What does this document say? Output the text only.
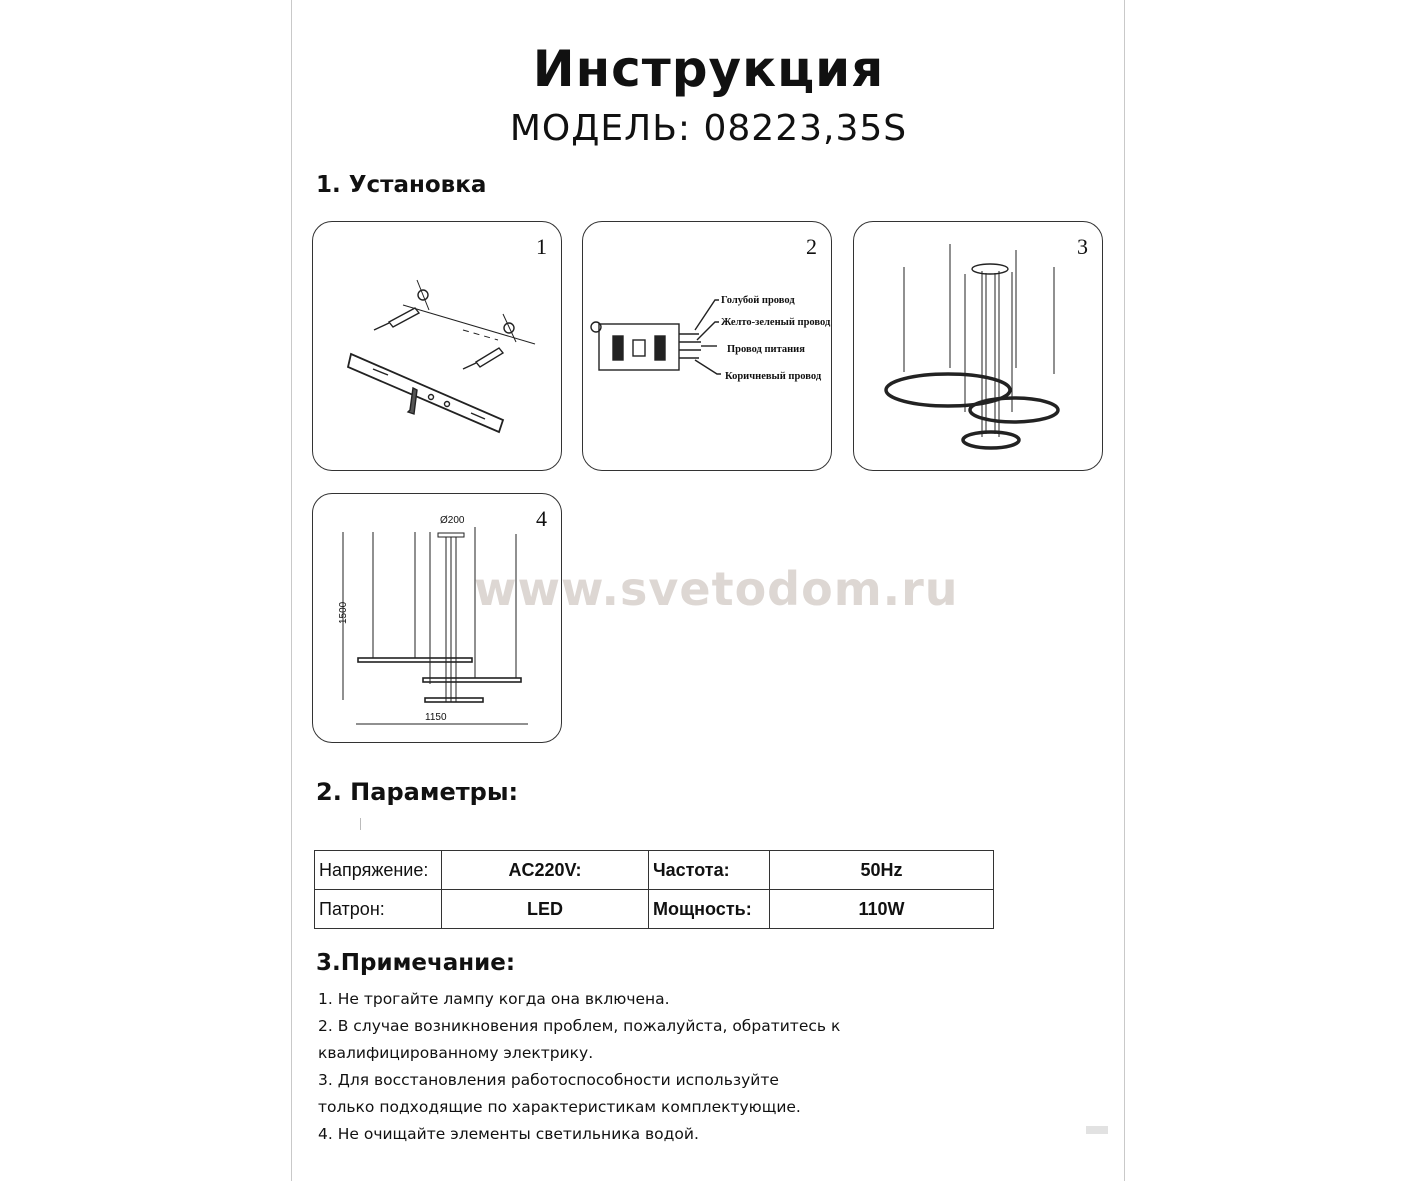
Инструкция
МОДЕЛЬ: 08223,35S
1. Установка
1	2
Голубой провод
Желто-зеленый провод
Провод питания
Коричневый провод
3
4
Ø200
1500
1150
www.svetodom.ru
2. Параметры:
Напряжение:	AC220V:	Частота:	50Hz
Патрон:	LED	Мощность:	110W
3.Примечание:
1. Не трогайте лампу когда она включена.
2. В случае возникновения проблем, пожалуйста, обратитесь к
квалифицированному электрику.
3. Для восстановления работоспособности используйте
только подходящие по характеристикам комплектующие.
4. Не очищайте элементы светильника водой.
